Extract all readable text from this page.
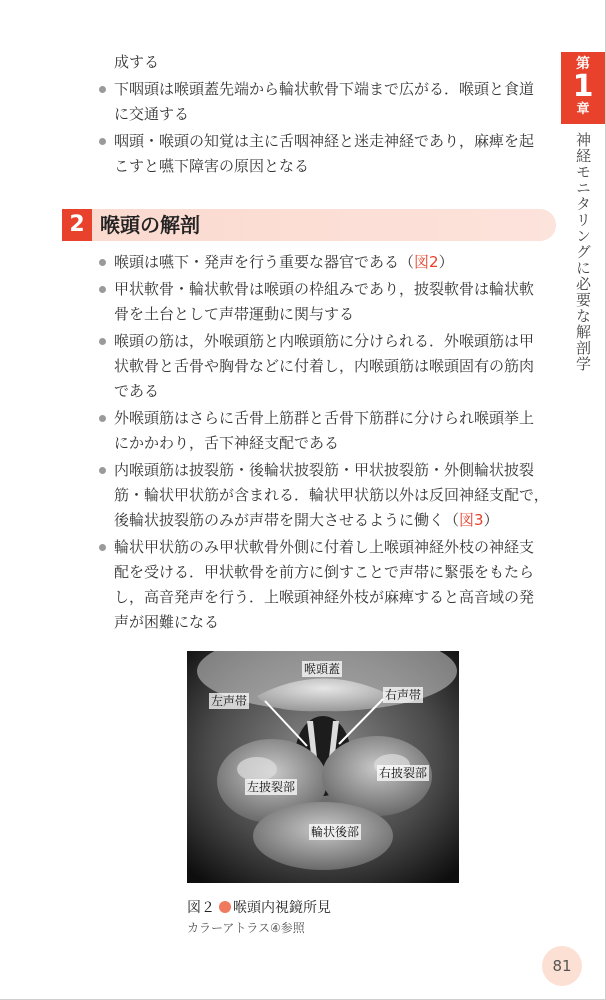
第
1
章
神経モニタリングに必要な解剖学
成する
下咽頭は喉頭蓋先端から輪状軟骨下端まで広がる．喉頭と食道
に交通する
咽頭・喉頭の知覚は主に舌咽神経と迷走神経であり，麻痺を起
こすと嚥下障害の原因となる
2 喉頭の解剖
喉頭は嚥下・発声を行う重要な器官である（図2）
甲状軟骨・輪状軟骨は喉頭の枠組みであり，披裂軟骨は輪状軟
骨を土台として声帯運動に関与する
喉頭の筋は，外喉頭筋と内喉頭筋に分けられる．外喉頭筋は甲
状軟骨と舌骨や胸骨などに付着し，内喉頭筋は喉頭固有の筋肉
である
外喉頭筋はさらに舌骨上筋群と舌骨下筋群に分けられ喉頭挙上
にかかわり，舌下神経支配である
内喉頭筋は披裂筋・後輪状披裂筋・甲状披裂筋・外側輪状披裂
筋・輪状甲状筋が含まれる．輪状甲状筋以外は反回神経支配で，
後輪状披裂筋のみが声帯を開大させるように働く（図3）
輪状甲状筋のみ甲状軟骨外側に付着し上喉頭神経外枝の神経支
配を受ける．甲状軟骨を前方に倒すことで声帯に緊張をもたら
し，高音発声を行う．上喉頭神経外枝が麻痺すると高音域の発
声が困難になる
喉頭蓋
左声帯	右声帯
左披裂部
右披裂部
輪状後部
図２ 喉頭内視鏡所見
カラーアトラス④参照
81
